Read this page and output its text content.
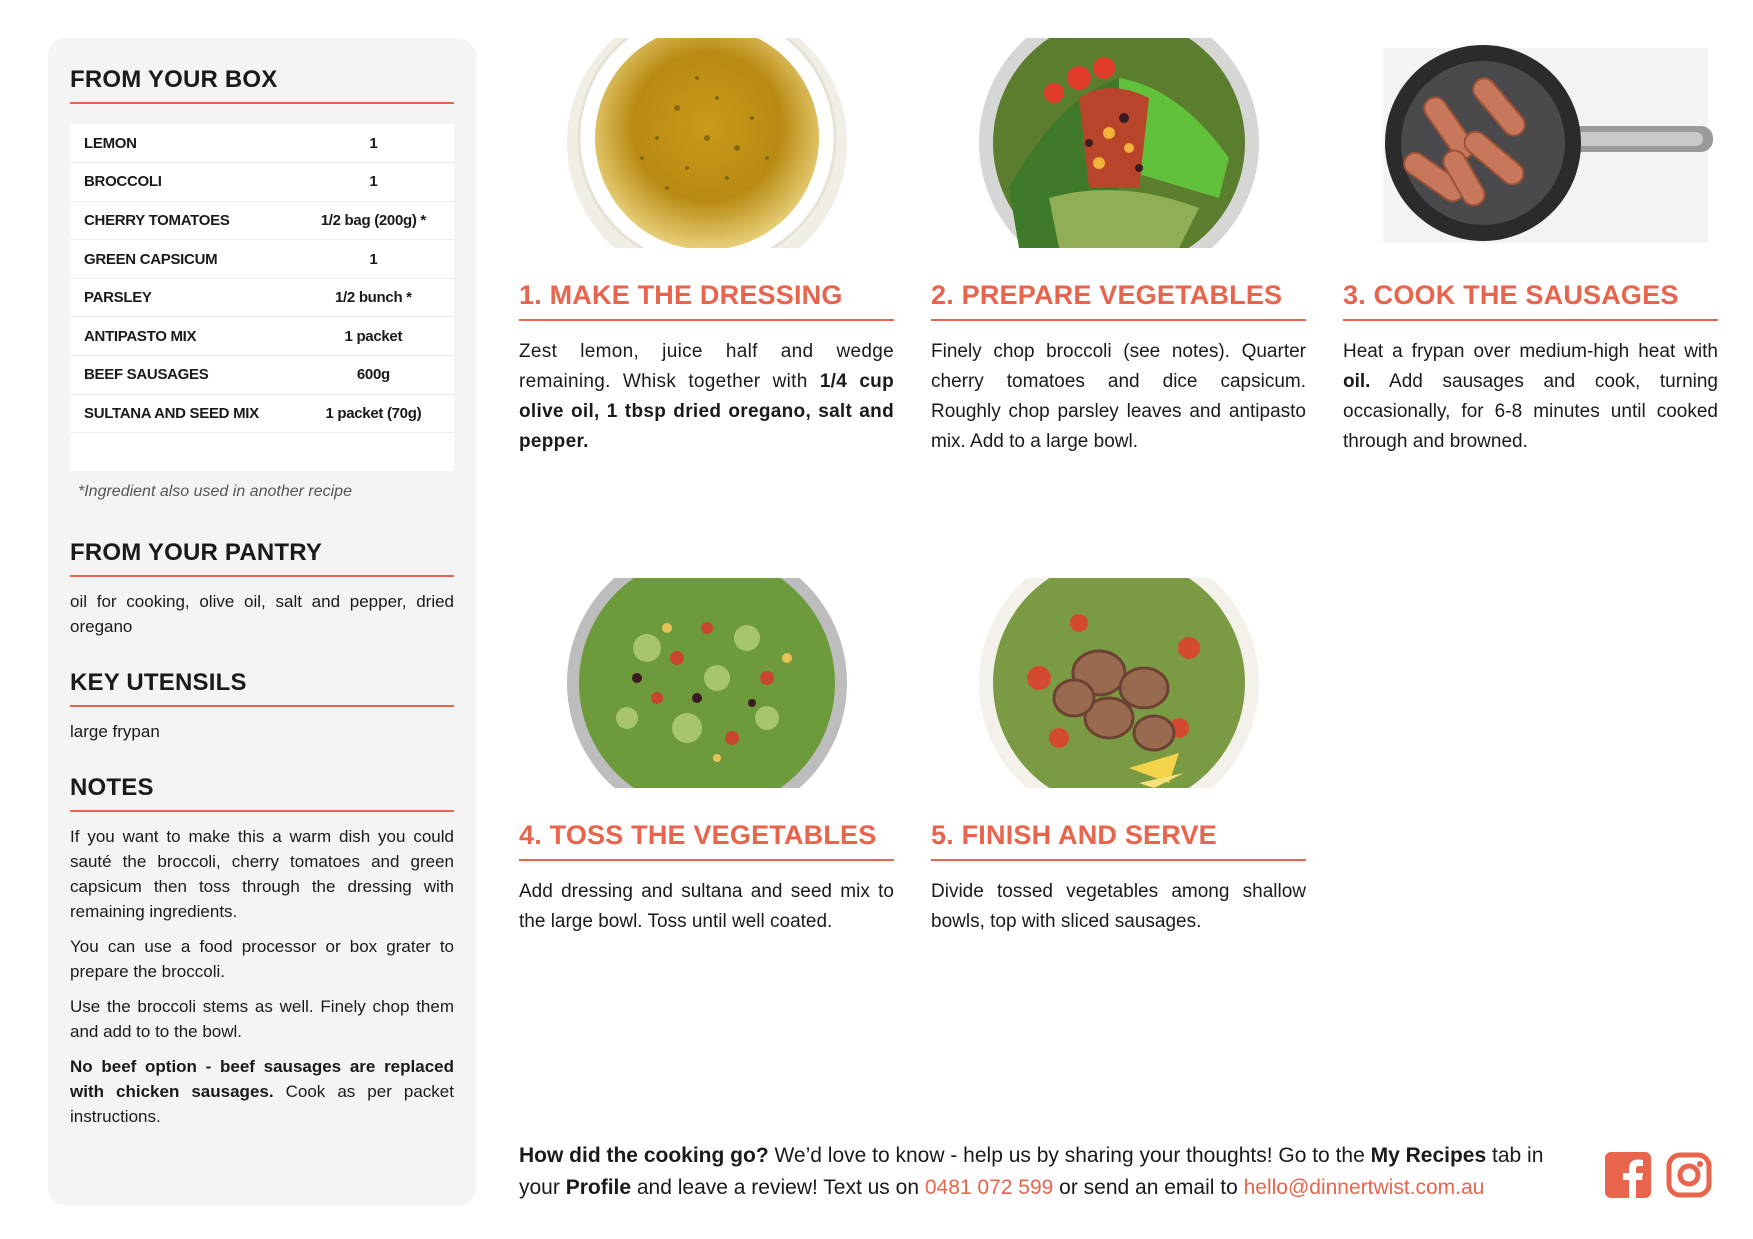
FROM YOUR BOX
LEMON	1
BROCCOLI	1
CHERRY TOMATOES	1/2 bag (200g) *
GREEN CAPSICUM	1
PARSLEY	1/2 bunch *
ANTIPASTO MIX	1 packet
BEEF SAUSAGES	600g
SULTANA AND SEED MIX	1 packet (70g)

*Ingredient also used in another recipe
FROM YOUR PANTRY
oil for cooking, olive oil, salt and pepper, dried oregano
KEY UTENSILS
large frypan
NOTES
If you want to make this a warm dish you could sauté the broccoli, cherry tomatoes and green capsicum then toss through the dressing with remaining ingredients.
You can use a food processor or box grater to prepare the broccoli.
Use the broccoli stems as well. Finely chop them and add to to the bowl.
No beef option - beef sausages are replaced with chicken sausages. Cook as per packet instructions.
1. MAKE THE DRESSING
Zest lemon, juice half and wedge remaining. Whisk together with 1/4 cup olive oil, 1 tbsp dried oregano, salt and pepper.
2. PREPARE VEGETABLES
Finely chop broccoli (see notes). Quarter cherry tomatoes and dice capsicum. Roughly chop parsley leaves and antipasto mix. Add to a large bowl.
3. COOK THE SAUSAGES
Heat a frypan over medium-high heat with oil. Add sausages and cook, turning occasionally, for 6-8 minutes until cooked through and browned.
4. TOSS THE VEGETABLES
Add dressing and sultana and seed mix to the large bowl. Toss until well coated.
5. FINISH AND SERVE
Divide tossed vegetables among shallow bowls, top with sliced sausages.
How did the cooking go? We’d love to know - help us by sharing your thoughts! Go to the My Recipes tab in your Profile and leave a review! Text us on 0481 072 599 or send an email to hello@dinnertwist.com.au
